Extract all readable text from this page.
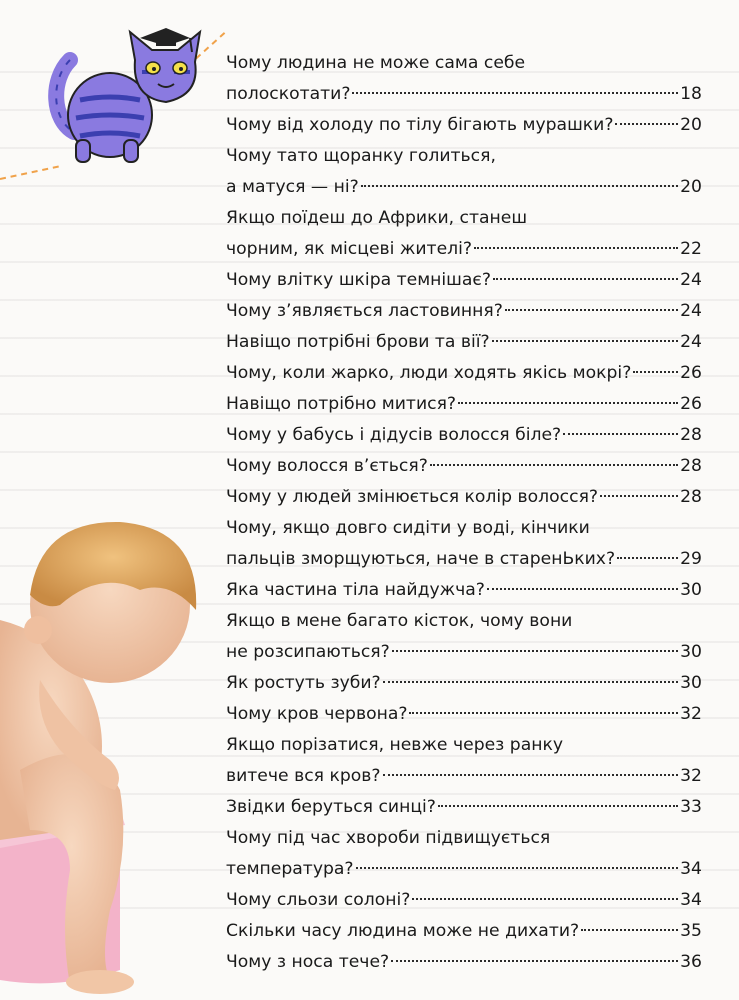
Чому людина не може сама себе
полоскотати?	18
Чому від холоду по тілу бігають мурашки?	20
Чому тато щоранку голиться,
а матуся — ні?	20
Якщо поїдеш до Африки, станеш
чорним, як місцеві жителі?	22
Чому влітку шкіра темнішає?	24
Чому з’являється ластовиння?	24
Навіщо потрібні брови та вії?	24
Чому, коли жарко, люди ходять якісь мокрі?	26
Навіщо потрібно митися?	26
Чому у бабусь і дідусів волосся біле?	28
Чому волосся в’ється?	28
Чому у людей змінюється колір волосся?	28
Чому, якщо довго сидіти у воді, кінчики
пальців зморщуються, наче в старенЬких?	29
Яка частина тіла найдужча?	30
Якщо в мене багато кісток, чому вони
не розсипаються?	30
Як ростуть зуби?	30
Чому кров червона?	32
Якщо порізатися, невже через ранку
витече вся кров?	32
Звідки беруться синці?	33
Чому під час хвороби підвищується
температура?	34
Чому сльози солоні?	34
Скільки часу людина може не дихати?	35
Чому з носа тече?	36
